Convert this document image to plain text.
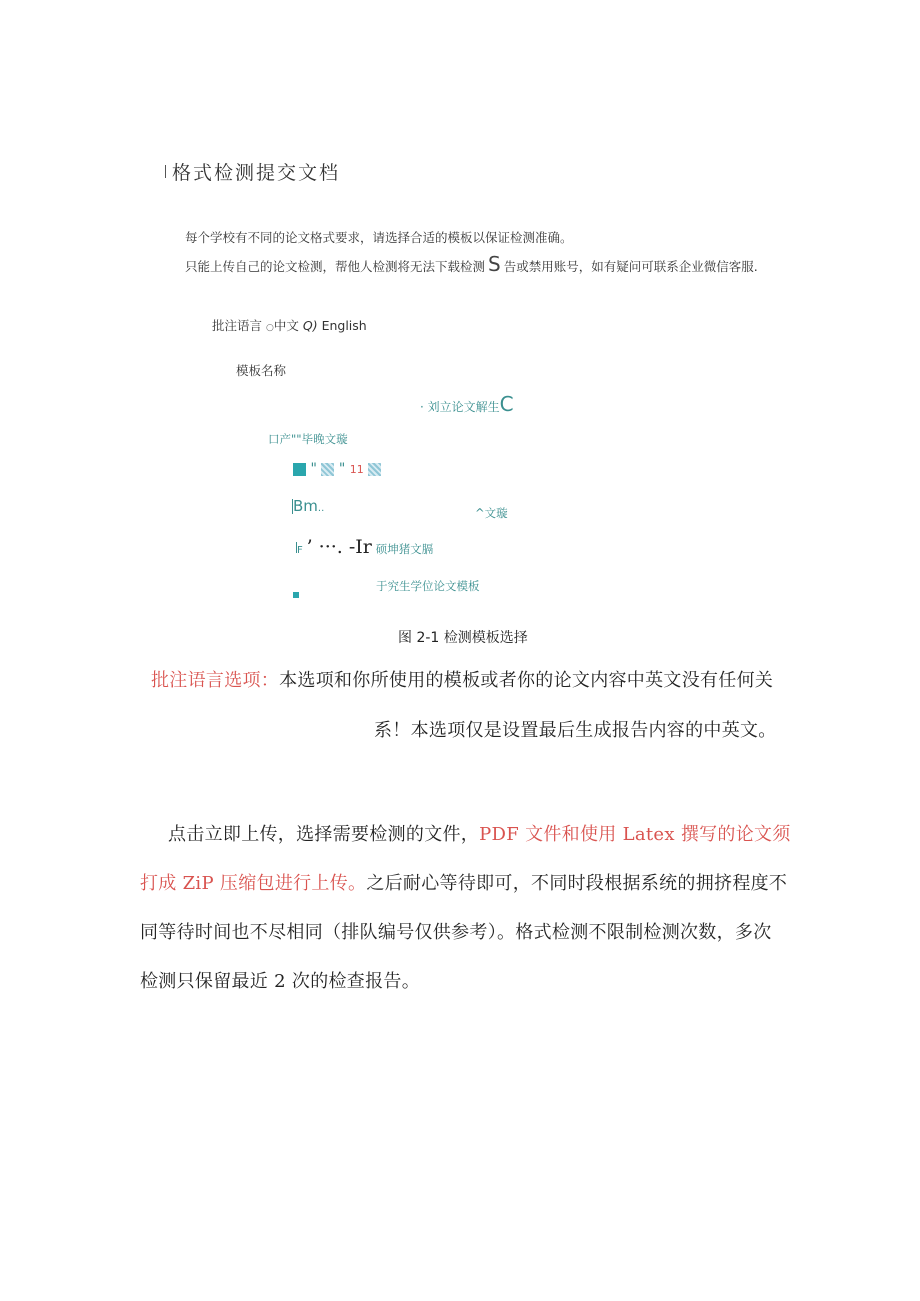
格式检测提交文档
每个学校有不同的论文格式要求，请选择合适的模板以保证检测准确。
只能上传自己的论文检测，帮他人检测将无法下载检测 S 告或禁用账号，如有疑问可联系企业微信客服.
批注语言 ○中文 Q) English
模板名称
· 刘立论文解生C
口产""毕晚文璇
" " 11
Bm..	^文璇
F ’ ···. -Ir 硕坤猪文膈
于究生学位论文模板
图 2-1 检测模板选择
批注语言选项：本选项和你所使用的模板或者你的论文内容中英文没有任何关
系！本选项仅是设置最后生成报告内容的中英文。
点击立即上传，选择需要检测的文件，PDF 文件和使用 Latex 撰写的论文须
打成 ZiP 压缩包进行上传。之后耐心等待即可，不同时段根据系统的拥挤程度不
同等待时间也不尽相同（排队编号仅供参考）。格式检测不限制检测次数，多次
检测只保留最近 2 次的检查报告。
